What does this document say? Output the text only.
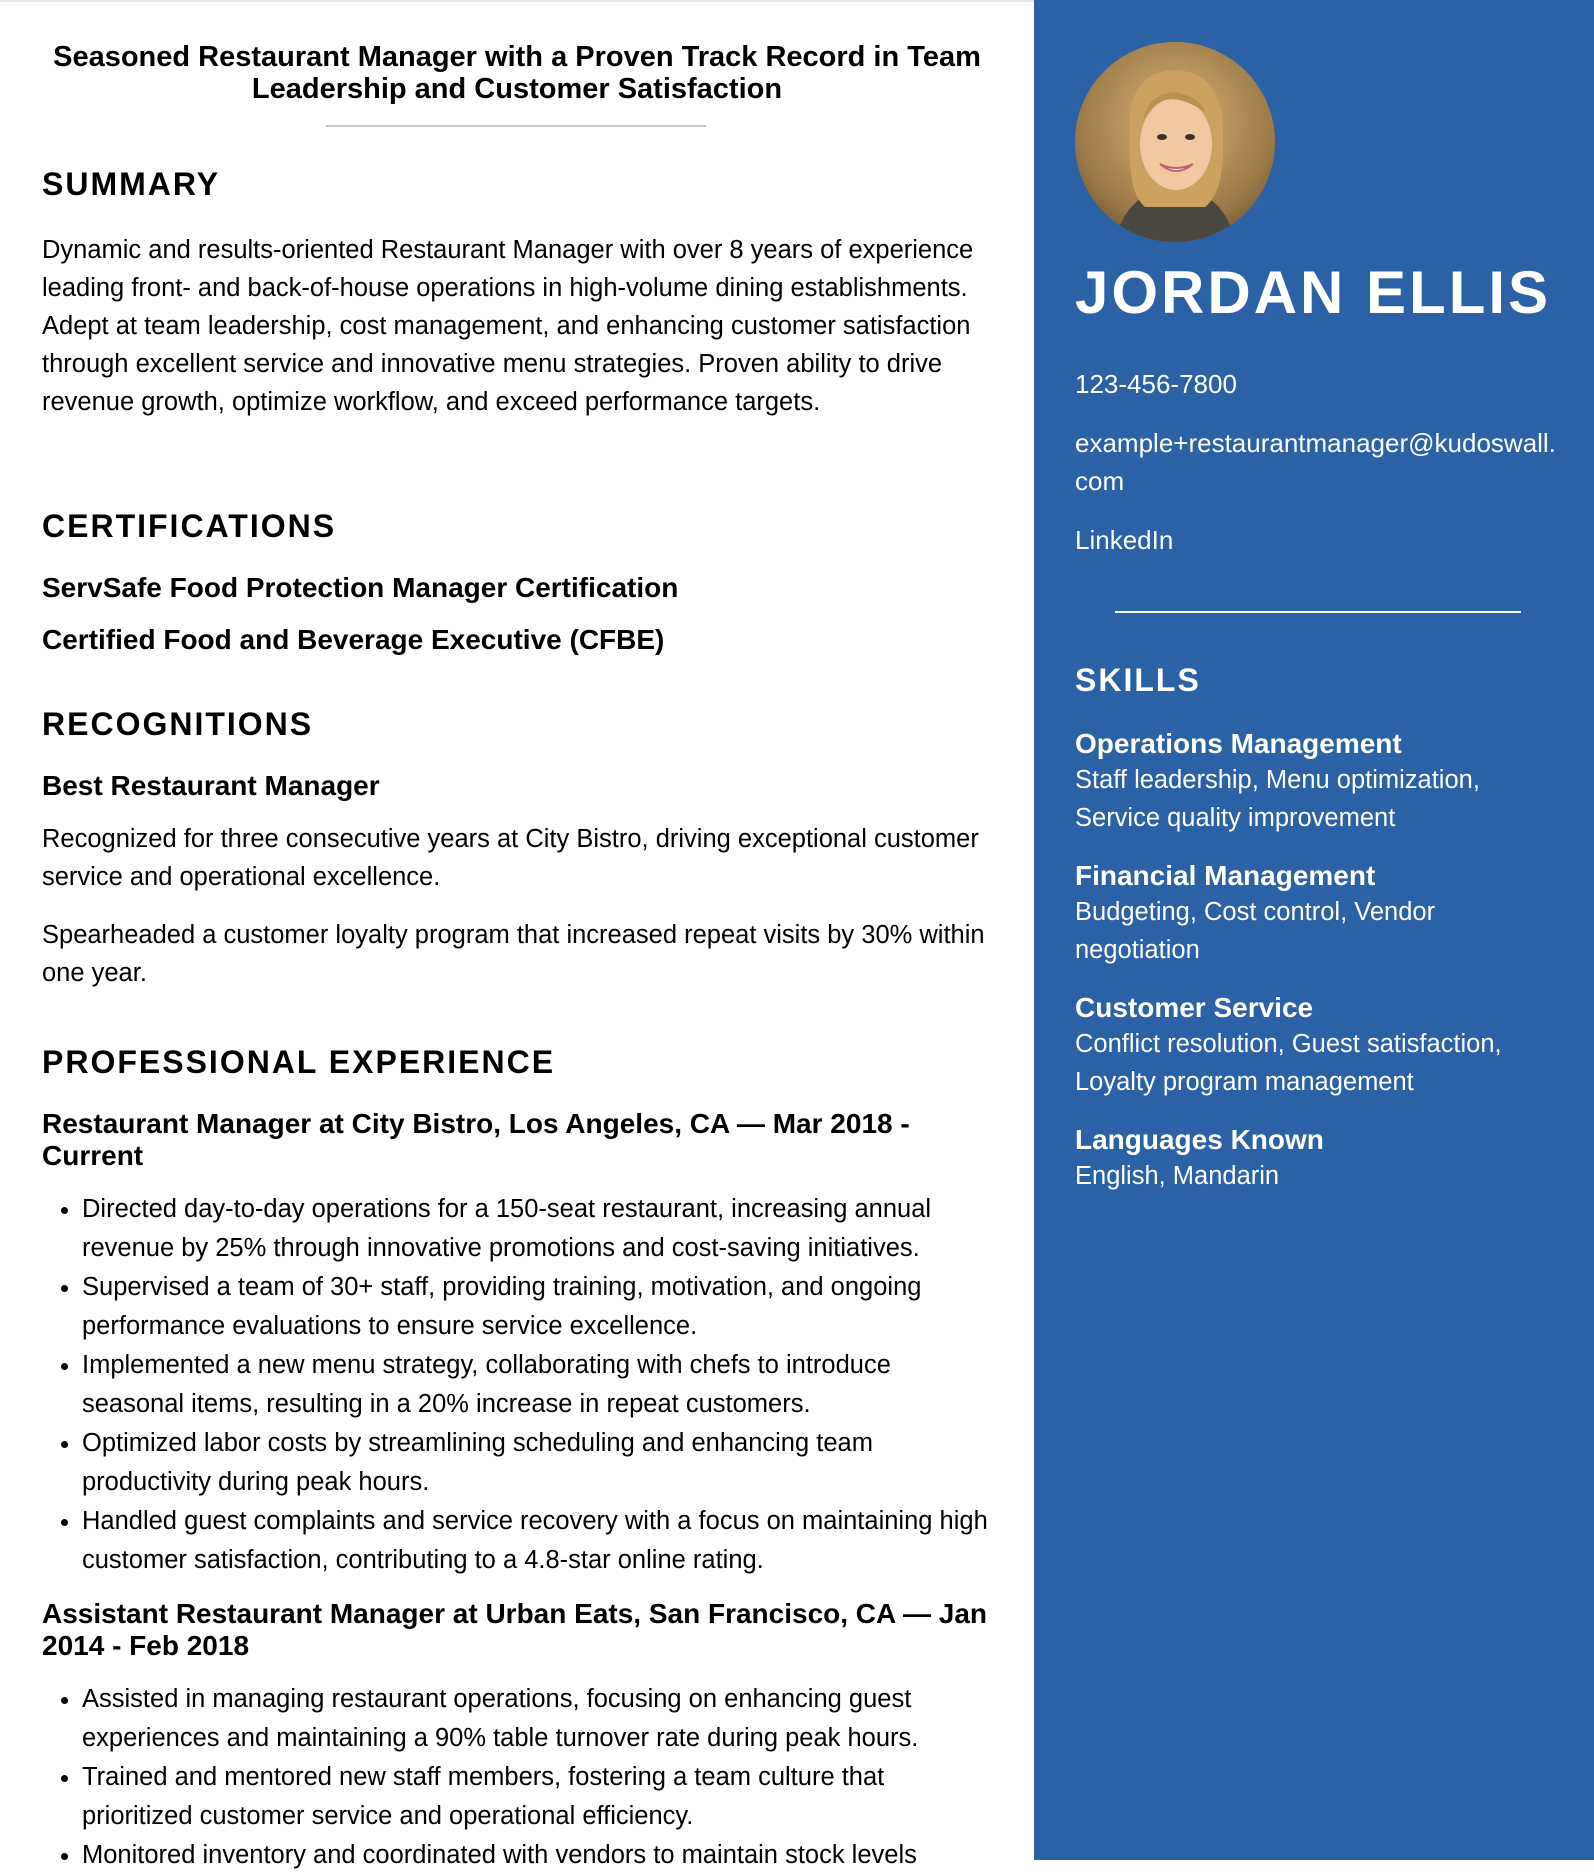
Seasoned Restaurant Manager with a Proven Track Record in Team Leadership and Customer Satisfaction
SUMMARY

Dynamic and results-oriented Restaurant Manager with over 8 years of experience leading front- and back-of-house operations in high-volume dining establishments. Adept at team leadership, cost management, and enhancing customer satisfaction through excellent service and innovative menu strategies. Proven ability to drive revenue growth, optimize workflow, and exceed performance targets.

CERTIFICATIONS

ServSafe Food Protection Manager Certification

Certified Food and Beverage Executive (CFBE)

RECOGNITIONS

Best Restaurant Manager

Recognized for three consecutive years at City Bistro, driving exceptional customer service and operational excellence.

Spearheaded a customer loyalty program that increased repeat visits by 30% within one year.

PROFESSIONAL EXPERIENCE

Restaurant Manager at City Bistro, Los Angeles, CA — Mar 2018 - Current

• Directed day-to-day operations for a 150-seat restaurant, increasing annual revenue by 25% through innovative promotions and cost-saving initiatives.
• Supervised a team of 30+ staff, providing training, motivation, and ongoing performance evaluations to ensure service excellence.
• Implemented a new menu strategy, collaborating with chefs to introduce seasonal items, resulting in a 20% increase in repeat customers.
• Optimized labor costs by streamlining scheduling and enhancing team productivity during peak hours.
• Handled guest complaints and service recovery with a focus on maintaining high customer satisfaction, contributing to a 4.8-star online rating.

Assistant Restaurant Manager at Urban Eats, San Francisco, CA — Jan 2014 - Feb 2018

• Assisted in managing restaurant operations, focusing on enhancing guest experiences and maintaining a 90% table turnover rate during peak hours.
• Trained and mentored new staff members, fostering a team culture that prioritized customer service and operational efficiency.
• Monitored inventory and coordinated with vendors to maintain stock levels
JORDAN ELLIS

123-456-7800

example+restaurantmanager@kudoswall.com

LinkedIn

SKILLS

Operations Management

Staff leadership, Menu optimization, Service quality improvement

Financial Management

Budgeting, Cost control, Vendor negotiation

Customer Service

Conflict resolution, Guest satisfaction, Loyalty program management

Languages Known

English, Mandarin
